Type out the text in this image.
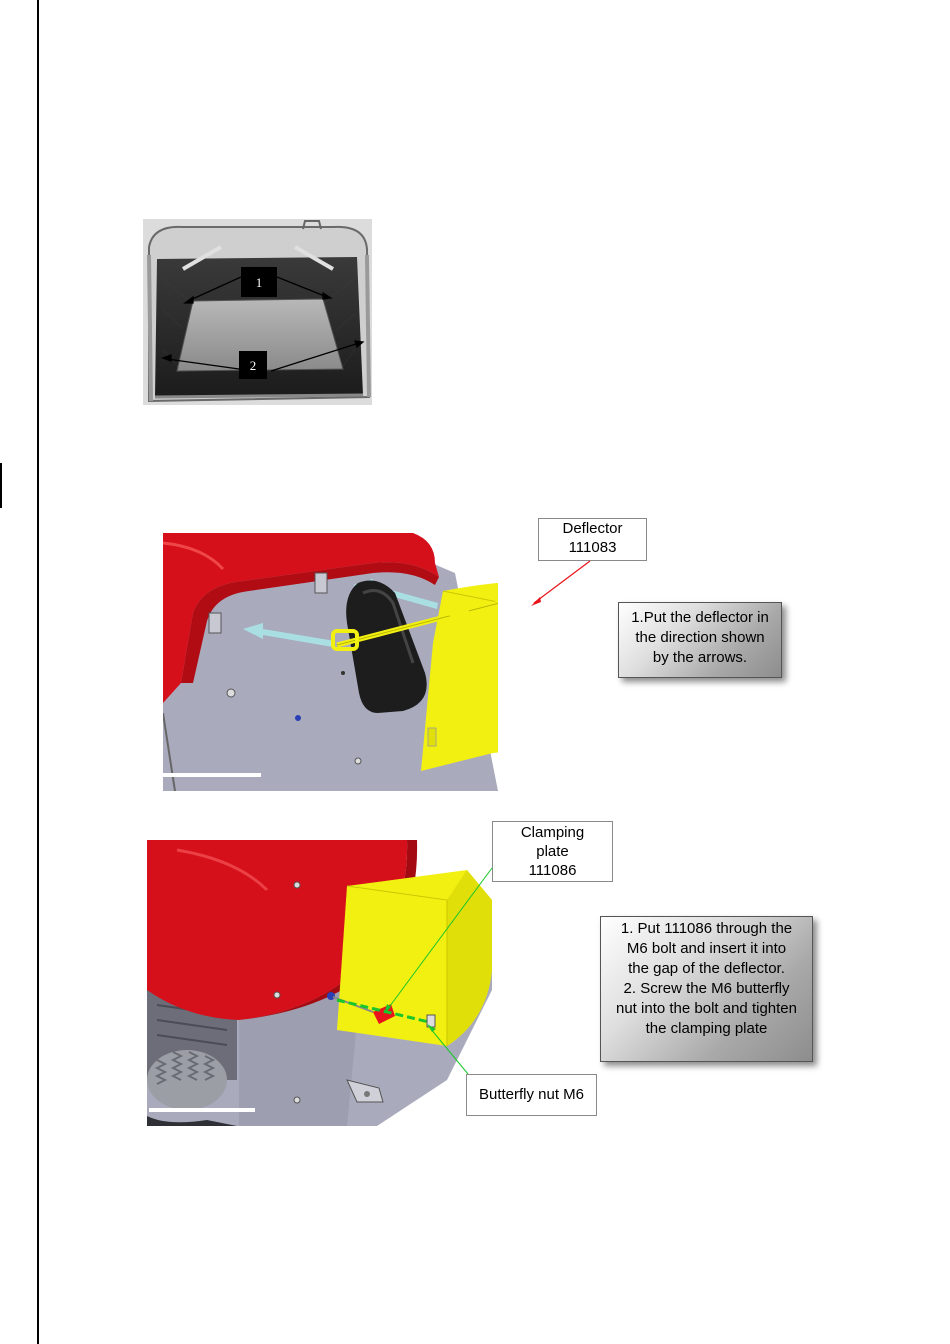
1
2
Deflector
111083
1.Put the deflector in
the direction shown
by the arrows.
Clamping
plate
111086
Butterfly nut M6
1. Put 111086 through the
M6 bolt and insert it into
the gap of the deflector.
2. Screw the M6 butterfly
nut into the bolt and tighten
the clamping plate
